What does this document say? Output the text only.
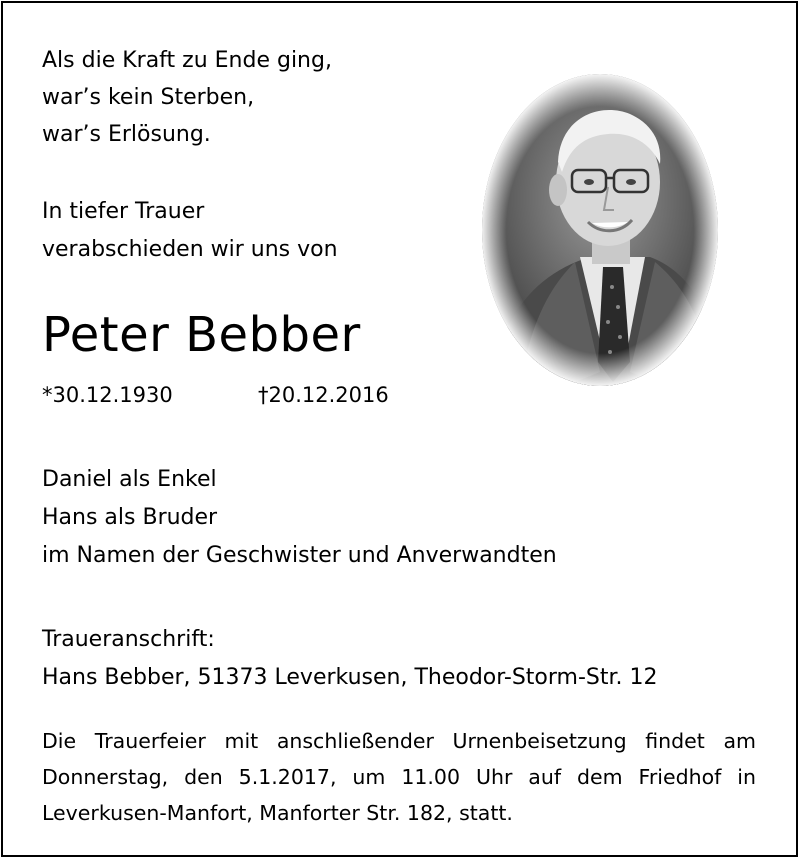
Als die Kraft zu Ende ging,
war’s kein Sterben,
war’s Erlösung.
In tiefer Trauer
verabschieden wir uns von
Peter Bebber
*30.12.1930	†20.12.2016
Daniel als Enkel
Hans als Bruder
im Namen der Geschwister und Anverwandten
Traueranschrift:
Hans Bebber, 51373 Leverkusen, Theodor-Storm-Str. 12
Die Trauerfeier mit anschließender Urnenbeisetzung findet am
Donnerstag, den 5.1.2017, um 11.00 Uhr auf dem Friedhof in
Leverkusen-Manfort, Manforter Str. 182, statt.
